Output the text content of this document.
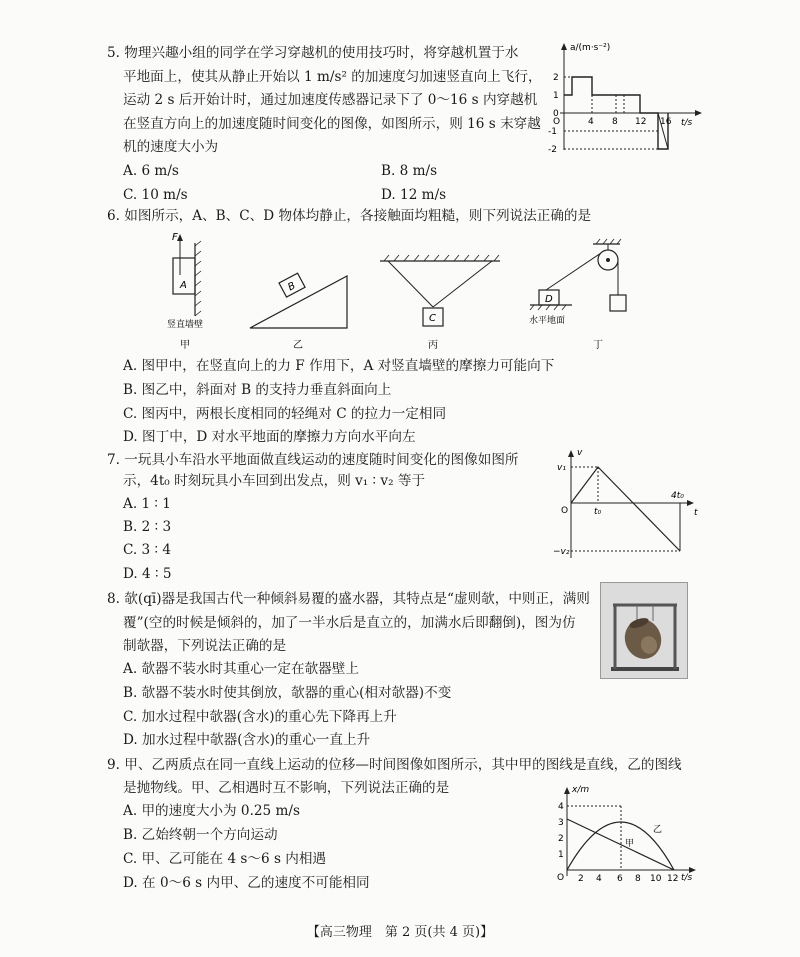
5. 物理兴趣小组的同学在学习穿越机的使用技巧时，将穿越机置于水
平地面上，使其从静止开始以 1 m/s² 的加速度匀加速竖直向上飞行，
运动 2 s 后开始计时，通过加速度传感器记录下了 0～16 s 内穿越机
在竖直方向上的加速度随时间变化的图像，如图所示，则 16 s 末穿越
机的速度大小为
A. 6 m/s	B. 8 m/s
C. 10 m/s	D. 12 m/s
a/(m·s⁻²)
t/s
O
2
1
0
-1
-2
4 8 12 16
6. 如图所示，A、B、C、D 物体均静止，各接触面均粗糙，则下列说法正确的是
F
A
竖直墙壁
甲
B
乙
C
丙
D
水平地面
丁
A. 图甲中，在竖直向上的力 F 作用下，A 对竖直墙壁的摩擦力可能向下
B. 图乙中，斜面对 B 的支持力垂直斜面向上
C. 图丙中，两根长度相同的轻绳对 C 的拉力一定相同
D. 图丁中，D 对水平地面的摩擦力方向水平向左
7. 一玩具小车沿水平地面做直线运动的速度随时间变化的图像如图所
示，4t₀ 时刻玩具小车回到出发点，则 v₁ ∶ v₂ 等于
A. 1 ∶ 1
B. 2 ∶ 3
C. 3 ∶ 4
D. 4 ∶ 5
v
t
O
v₁
−v₂
t₀
4t₀
8. 欹(qī)器是我国古代一种倾斜易覆的盛水器，其特点是“虚则欹，中则正，满则
覆”(空的时候是倾斜的，加了一半水后是直立的，加满水后即翻倒)，图为仿
制欹器，下列说法正确的是
A. 欹器不装水时其重心一定在欹器壁上
B. 欹器不装水时使其倒放，欹器的重心(相对欹器)不变
C. 加水过程中欹器(含水)的重心先下降再上升
D. 加水过程中欹器(含水)的重心一直上升
9. 甲、乙两质点在同一直线上运动的位移—时间图像如图所示，其中甲的图线是直线，乙的图线
是抛物线。甲、乙相遇时互不影响，下列说法正确的是
A. 甲的速度大小为 0.25 m/s
B. 乙始终朝一个方向运动
C. 甲、乙可能在 4 s～6 s 内相遇
D. 在 0～6 s 内甲、乙的速度不可能相同
x/m
t/s
O
4
3
2
1
2 4 6 8 10 12
甲
乙
【高三物理　第 2 页(共 4 页)】
